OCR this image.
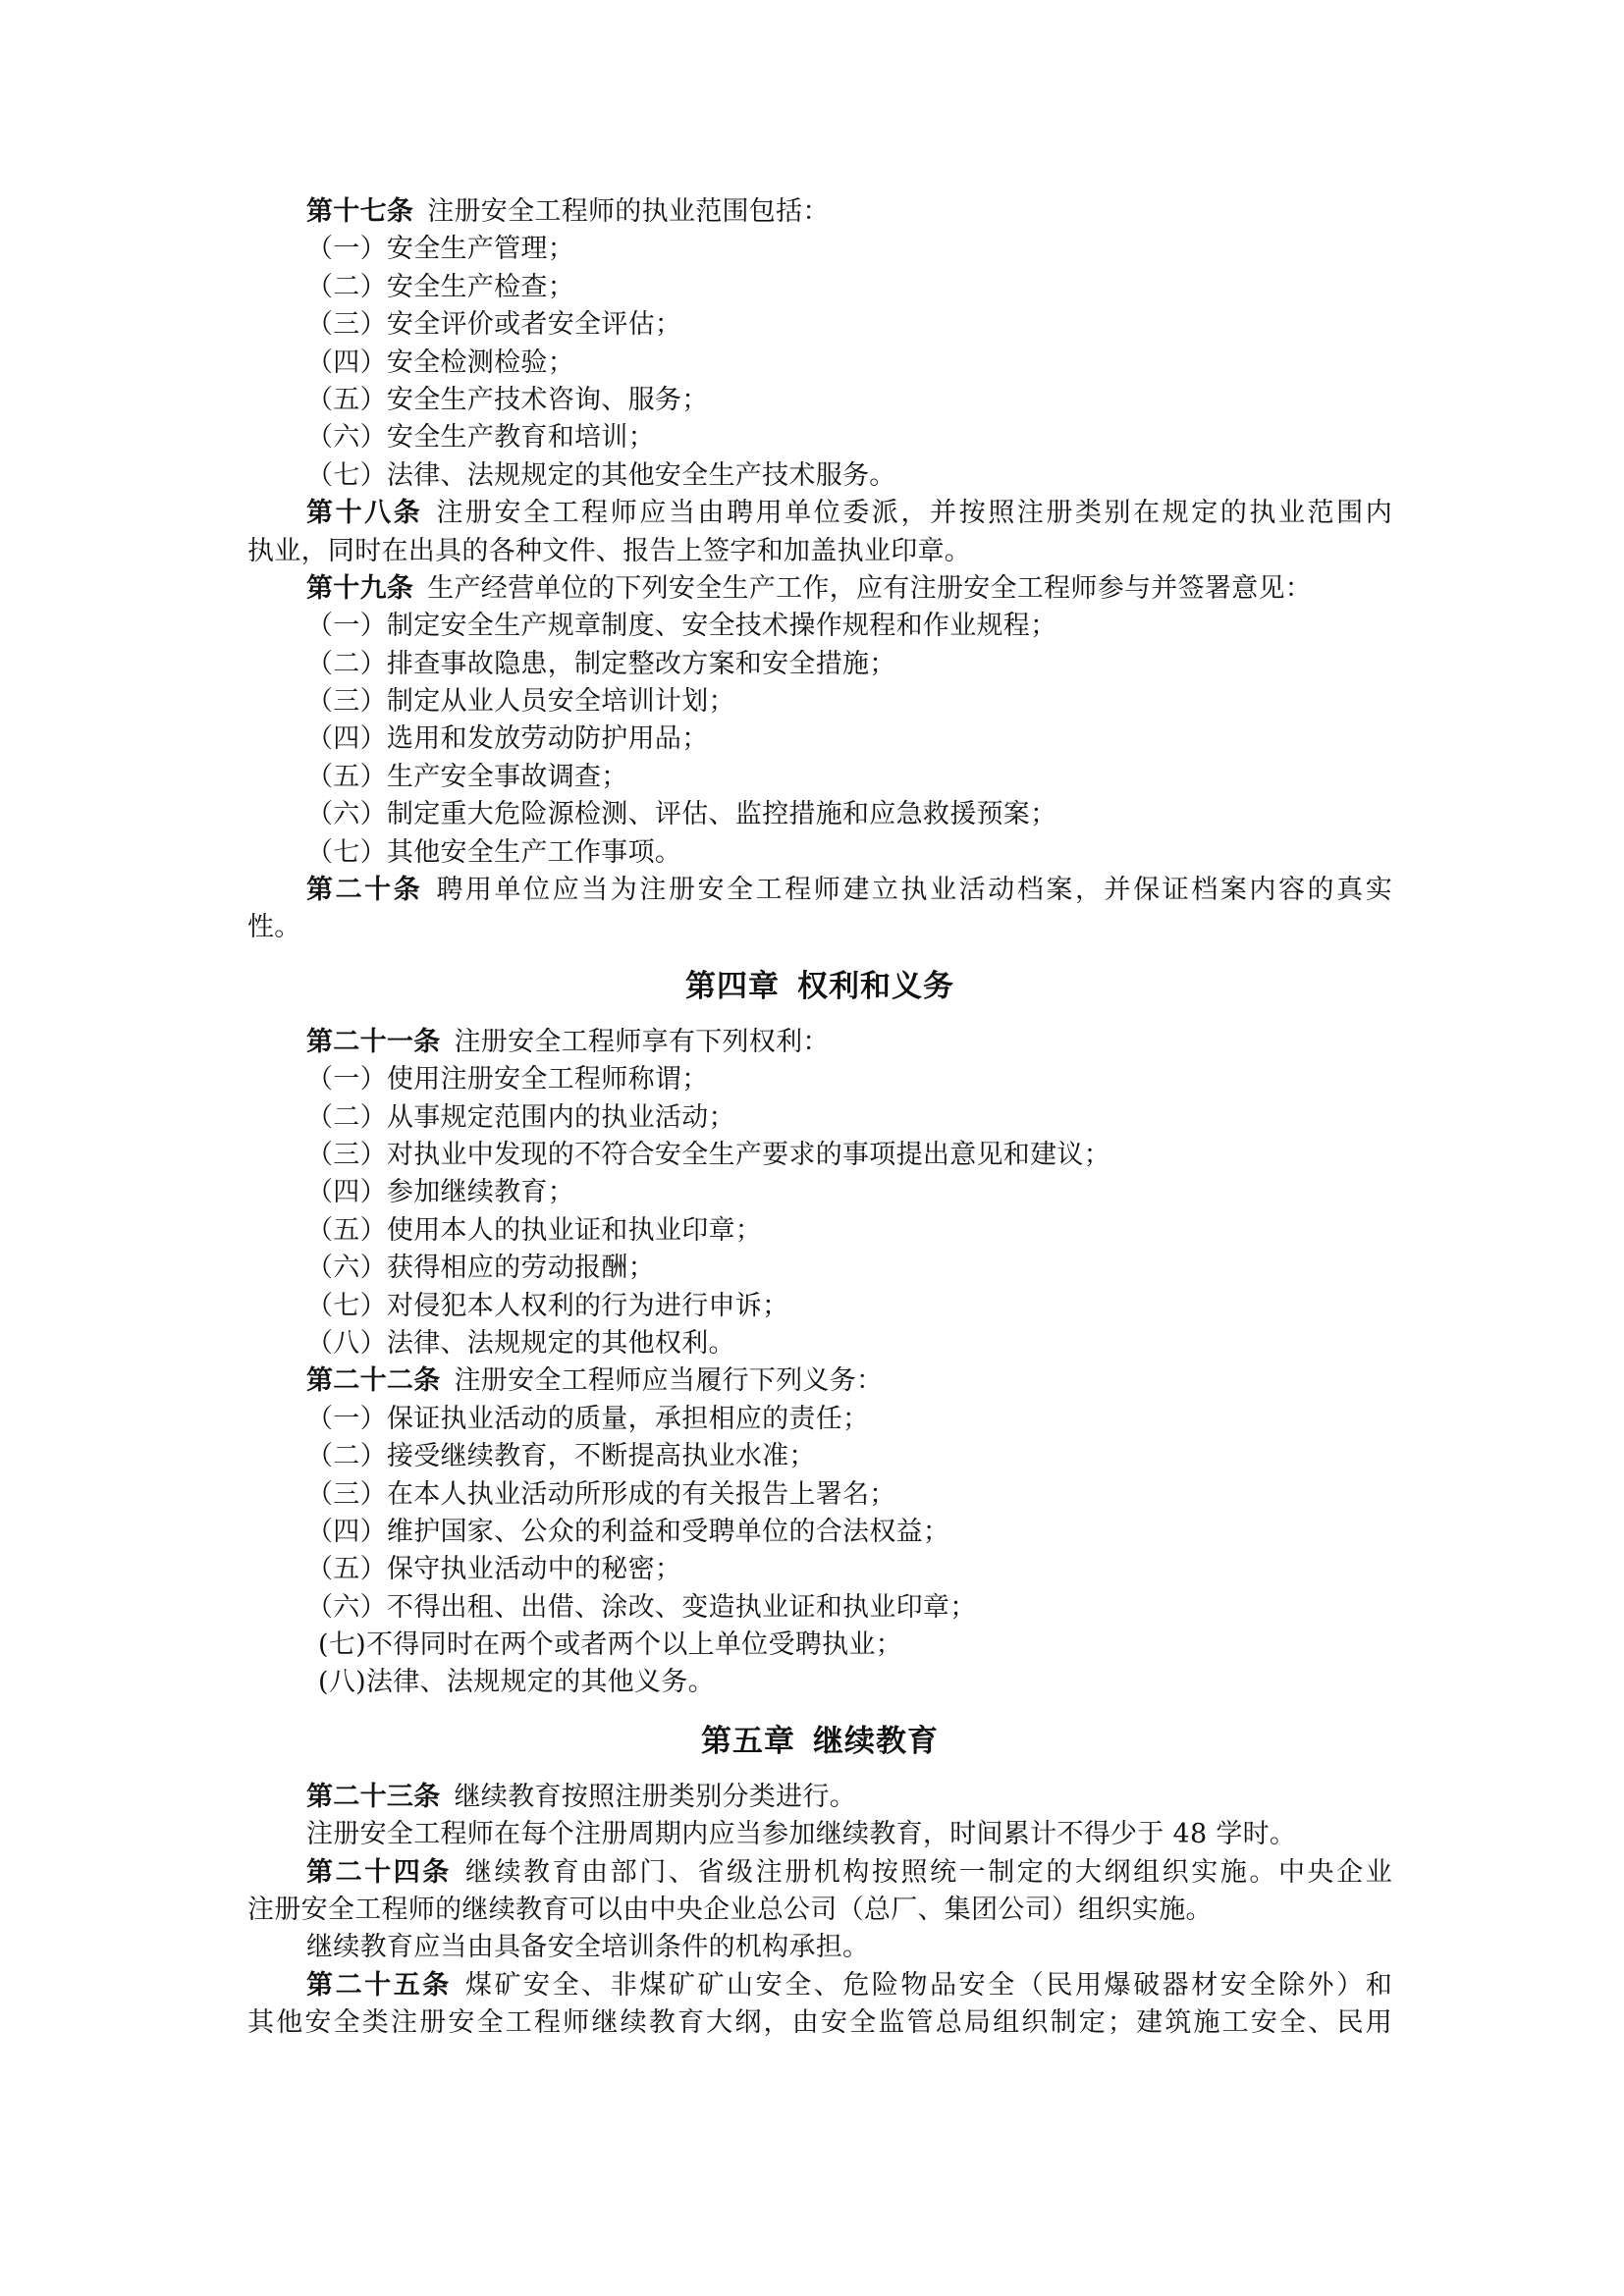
第十七条 注册安全工程师的执业范围包括：
（一）安全生产管理；
（二）安全生产检查；
（三）安全评价或者安全评估；
（四）安全检测检验；
（五）安全生产技术咨询、服务；
（六）安全生产教育和培训；
（七）法律、法规规定的其他安全生产技术服务。
第十八条 注册安全工程师应当由聘用单位委派，并按照注册类别在规定的执业范围内
执业，同时在出具的各种文件、报告上签字和加盖执业印章。
第十九条 生产经营单位的下列安全生产工作，应有注册安全工程师参与并签署意见：
（一）制定安全生产规章制度、安全技术操作规程和作业规程；
（二）排查事故隐患，制定整改方案和安全措施；
（三）制定从业人员安全培训计划；
（四）选用和发放劳动防护用品；
（五）生产安全事故调查；
（六）制定重大危险源检测、评估、监控措施和应急救援预案；
（七）其他安全生产工作事项。
第二十条 聘用单位应当为注册安全工程师建立执业活动档案，并保证档案内容的真实
性。
第四章 权利和义务
第二十一条 注册安全工程师享有下列权利：
（一）使用注册安全工程师称谓；
（二）从事规定范围内的执业活动；
（三）对执业中发现的不符合安全生产要求的事项提出意见和建议；
（四）参加继续教育；
（五）使用本人的执业证和执业印章；
（六）获得相应的劳动报酬；
（七）对侵犯本人权利的行为进行申诉；
（八）法律、法规规定的其他权利。
第二十二条 注册安全工程师应当履行下列义务：
（一）保证执业活动的质量，承担相应的责任；
（二）接受继续教育，不断提高执业水准；
（三）在本人执业活动所形成的有关报告上署名；
（四）维护国家、公众的利益和受聘单位的合法权益；
（五）保守执业活动中的秘密；
（六）不得出租、出借、涂改、变造执业证和执业印章；
(七)不得同时在两个或者两个以上单位受聘执业；
(八)法律、法规规定的其他义务。
第五章 继续教育
第二十三条 继续教育按照注册类别分类进行。
注册安全工程师在每个注册周期内应当参加继续教育，时间累计不得少于 48 学时。
第二十四条 继续教育由部门、省级注册机构按照统一制定的大纲组织实施。中央企业
注册安全工程师的继续教育可以由中央企业总公司（总厂、集团公司）组织实施。
继续教育应当由具备安全培训条件的机构承担。
第二十五条 煤矿安全、非煤矿矿山安全、危险物品安全（民用爆破器材安全除外）和
其他安全类注册安全工程师继续教育大纲，由安全监管总局组织制定；建筑施工安全、民用
